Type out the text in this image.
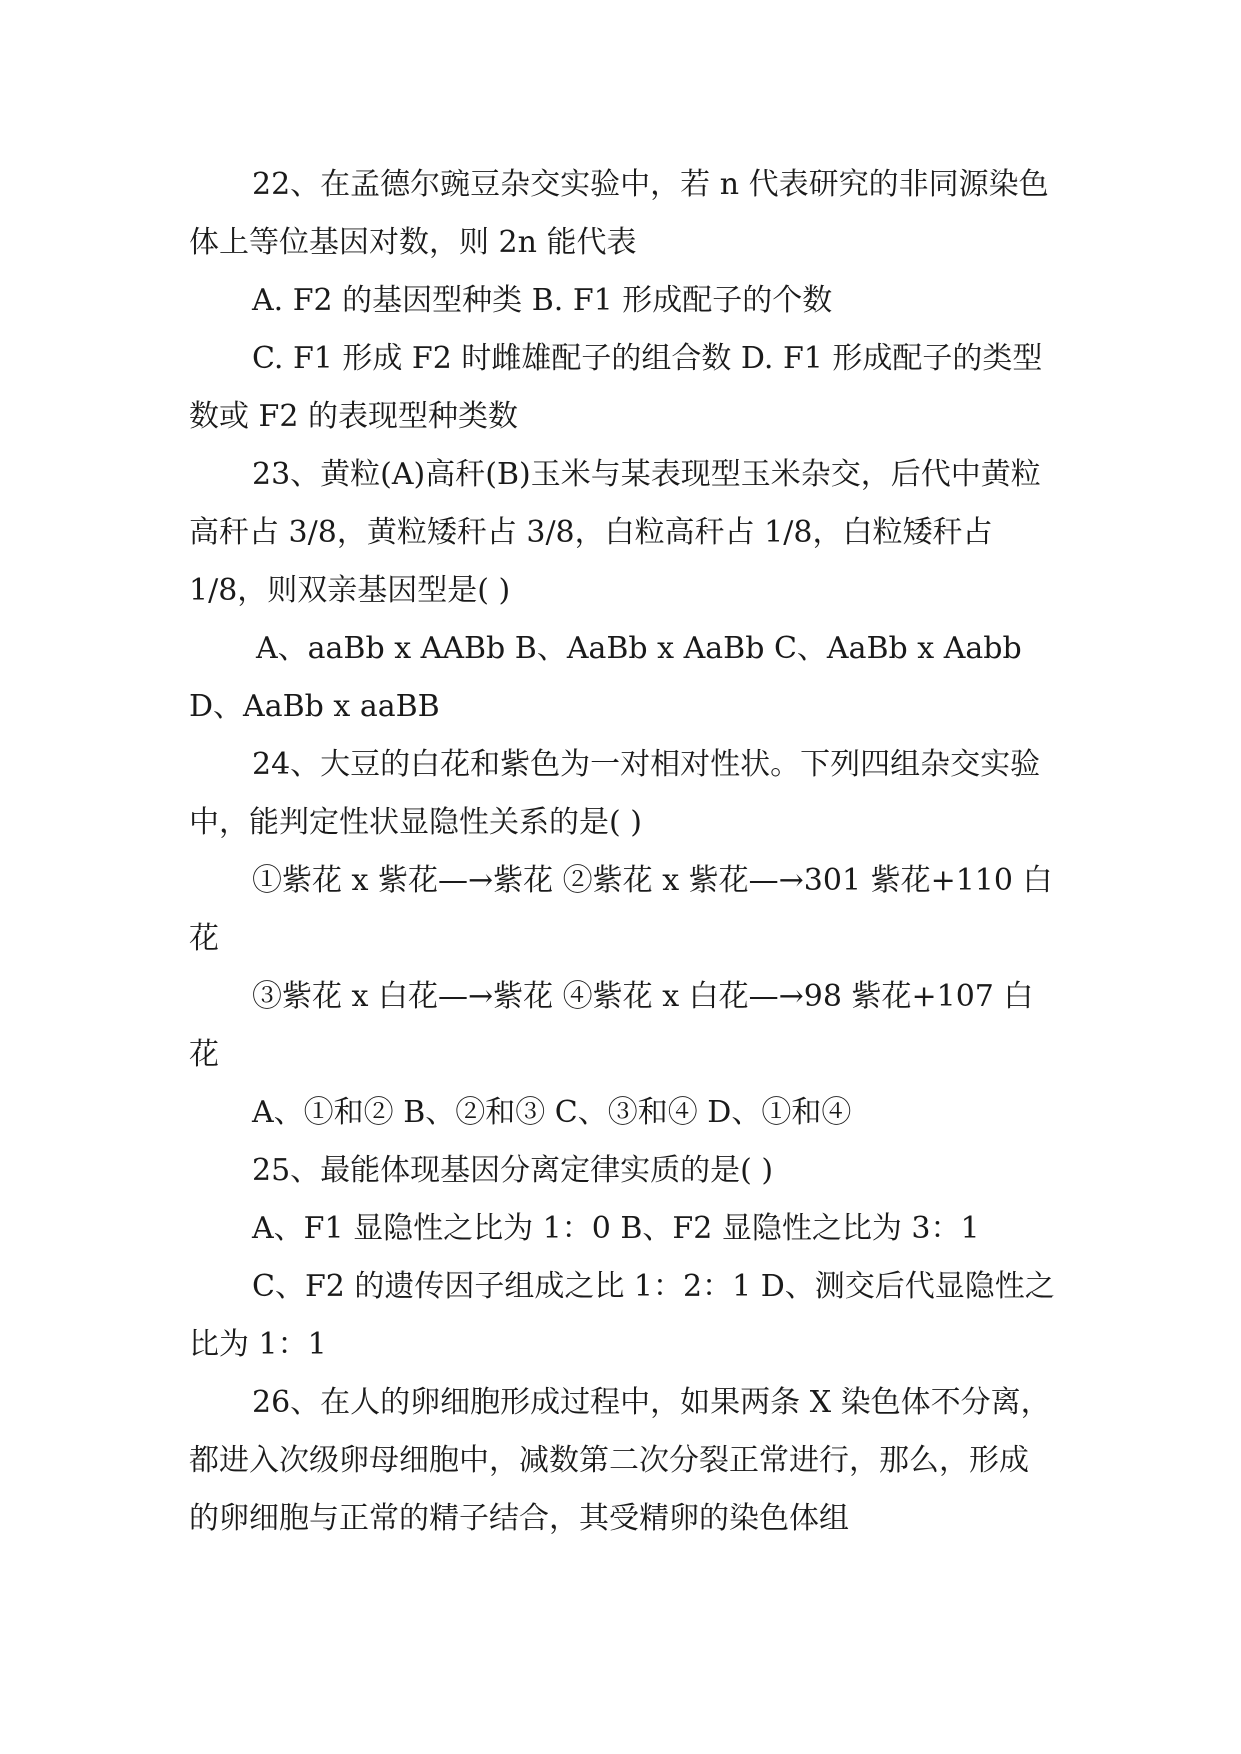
22、在孟德尔豌豆杂交实验中，若 n 代表研究的非同源染色体上等位基因对数，则 2n 能代表

A. F2 的基因型种类 B. F1 形成配子的个数

C. F1 形成 F2 时雌雄配子的组合数 D. F1 形成配子的类型数或 F2 的表现型种类数

23、黄粒(A)高秆(B)玉米与某表现型玉米杂交，后代中黄粒高秆占 3/8，黄粒矮秆占 3/8，白粒高秆占 1/8，白粒矮秆占 1/8，则双亲基因型是( )

A、aaBb x AABb B、AaBb x AaBb C、AaBb x Aabb D、AaBb x aaBB

24、大豆的白花和紫色为一对相对性状。下列四组杂交实验中，能判定性状显隐性关系的是( )

①紫花 x 紫花—→紫花 ②紫花 x 紫花—→301 紫花+110 白花

③紫花 x 白花—→紫花 ④紫花 x 白花—→98 紫花+107 白花

A、①和② B、②和③ C、③和④ D、①和④

25、最能体现基因分离定律实质的是( )

A、F1 显隐性之比为 1：0 B、F2 显隐性之比为 3：1

C、F2 的遗传因子组成之比 1：2：1 D、测交后代显隐性之比为 1：1

26、在人的卵细胞形成过程中，如果两条 X 染色体不分离，都进入次级卵母细胞中，减数第二次分裂正常进行，那么，形成的卵细胞与正常的精子结合，其受精卵的染色体组
